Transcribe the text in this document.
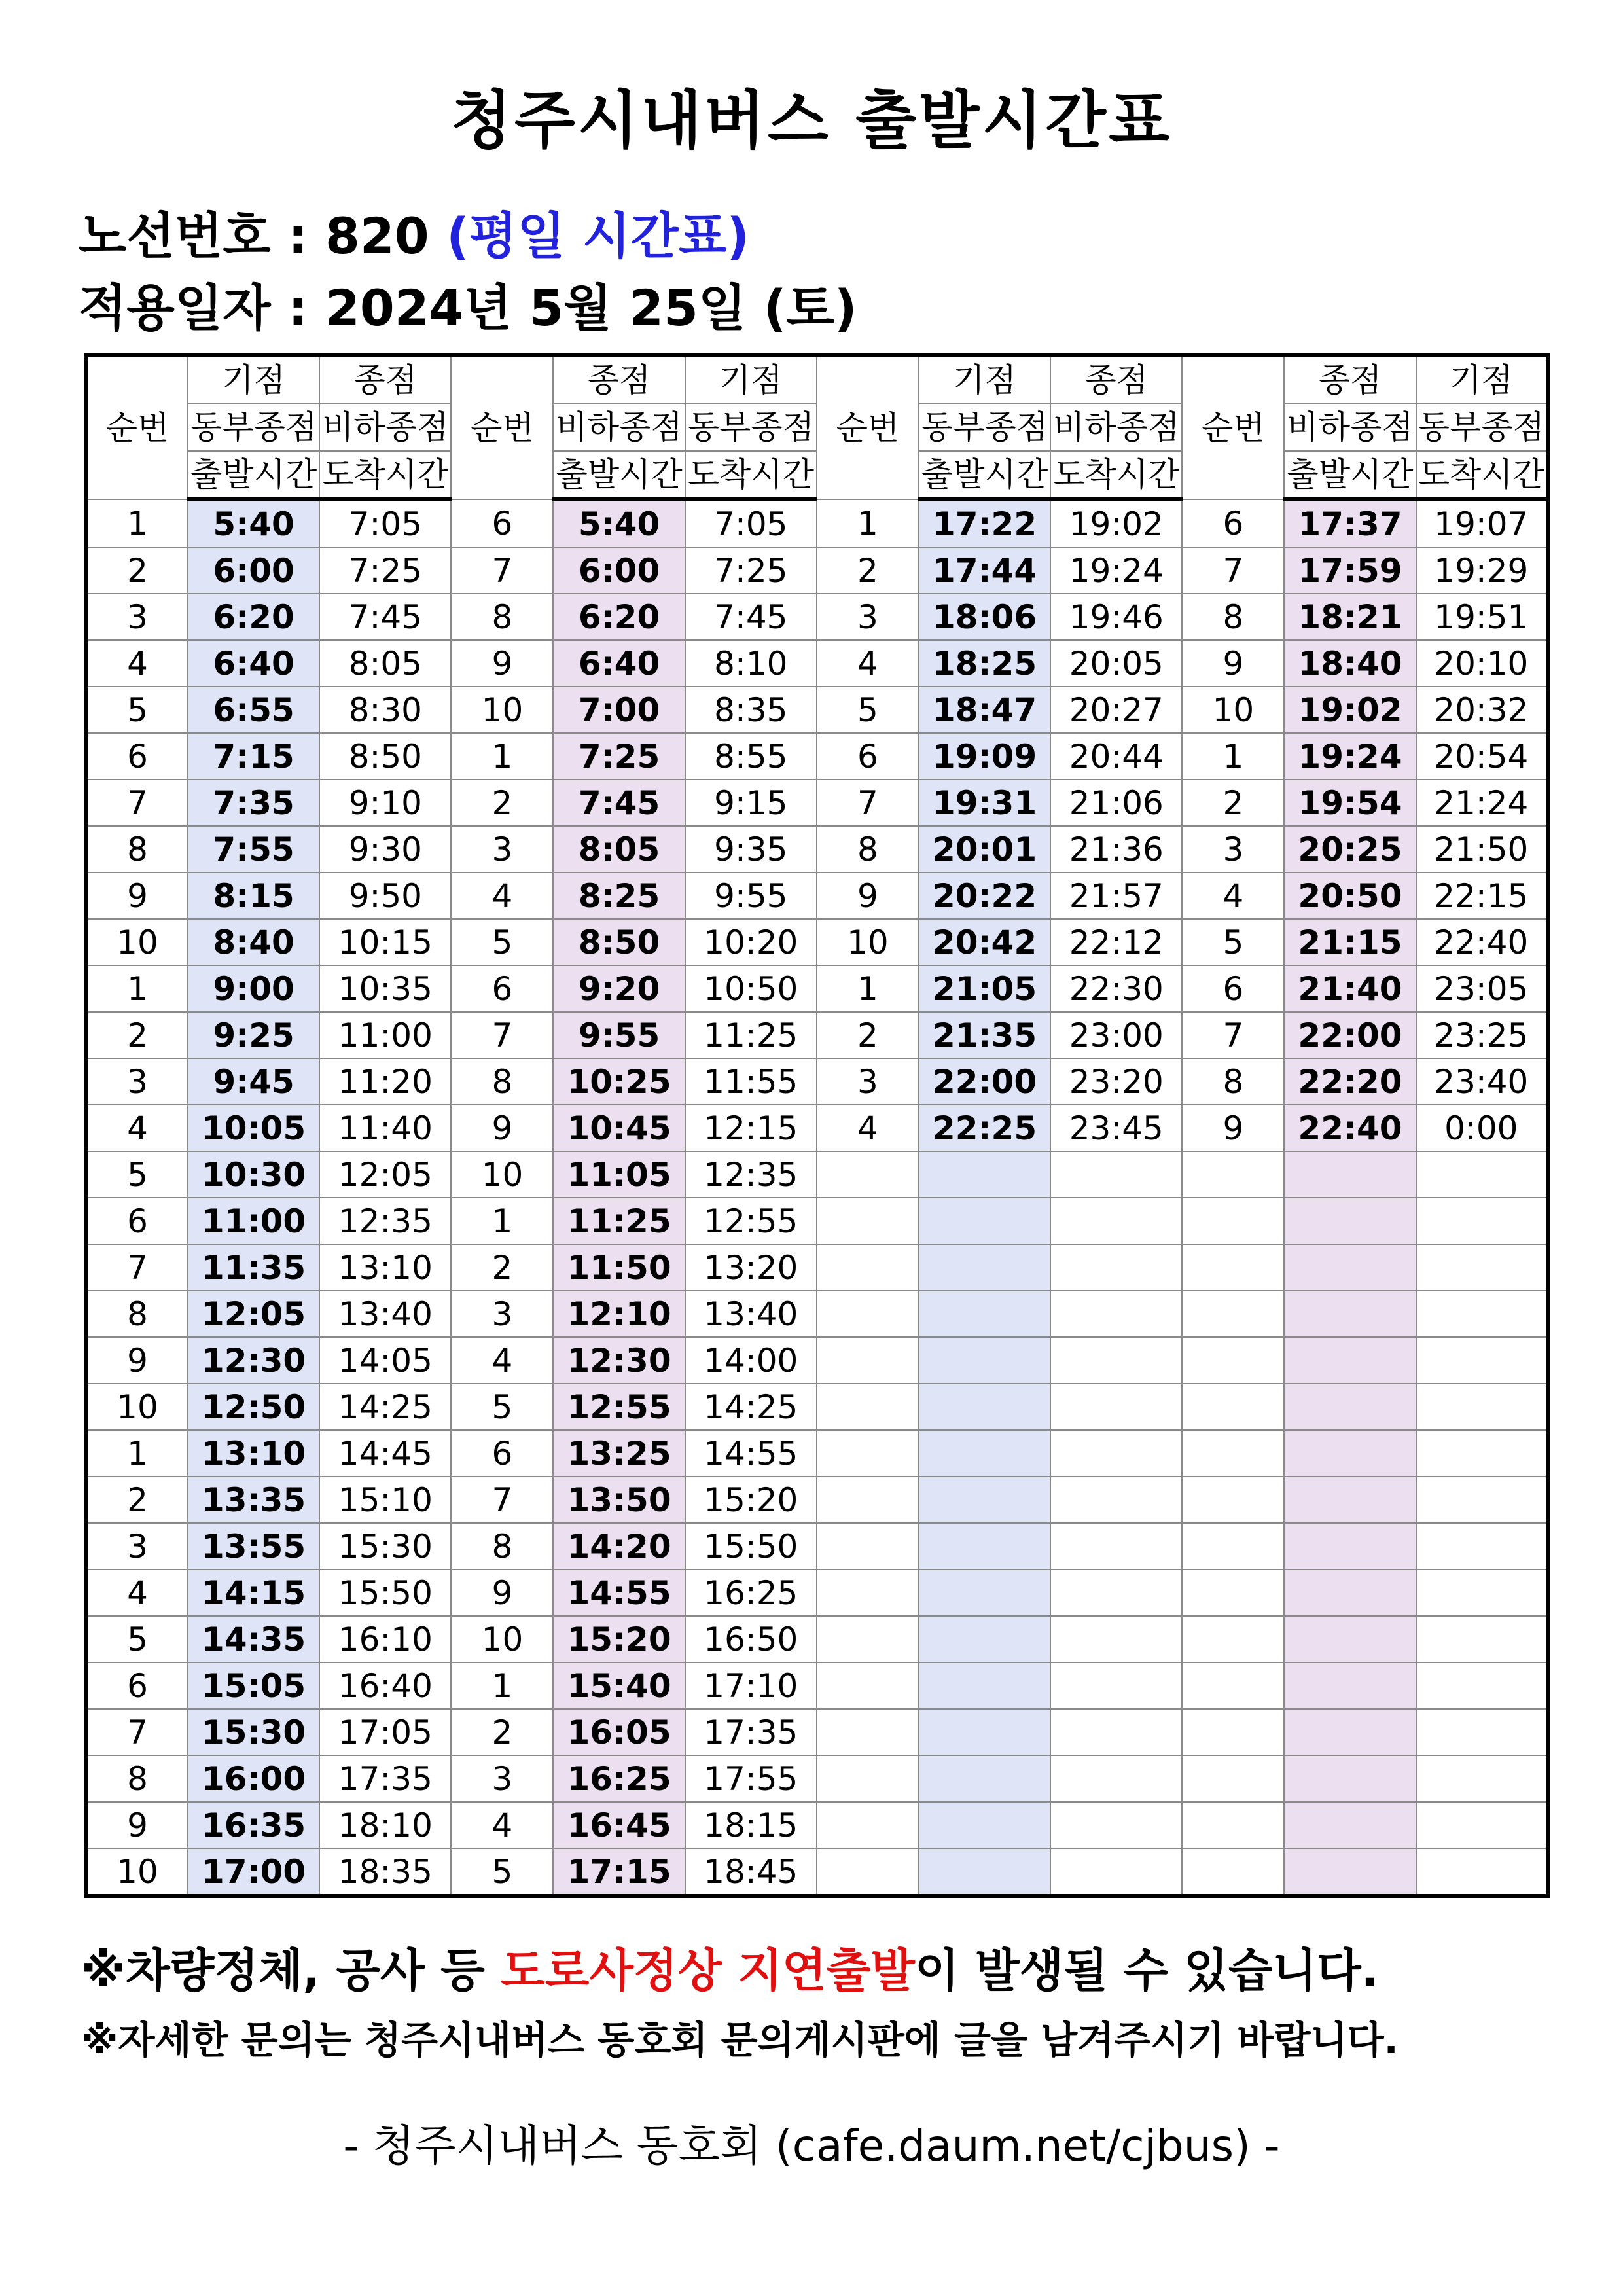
청주시내버스 출발시간표
노선번호 : 820 (평일 시간표)
적용일자 : 2024년 5월 25일 (토)
순번	기점	종점	순번	종점	기점	순번	기점	종점	순번	종점	기점
	동부종점	비하종점		비하종점	동부종점		동부종점	비하종점		비하종점	동부종점
	출발시간	도착시간		출발시간	도착시간		출발시간	도착시간		출발시간	도착시간
1	5:40	7:05	6	5:40	7:05	1	17:22	19:02	6	17:37	19:07
2	6:00	7:25	7	6:00	7:25	2	17:44	19:24	7	17:59	19:29
3	6:20	7:45	8	6:20	7:45	3	18:06	19:46	8	18:21	19:51
4	6:40	8:05	9	6:40	8:10	4	18:25	20:05	9	18:40	20:10
5	6:55	8:30	10	7:00	8:35	5	18:47	20:27	10	19:02	20:32
6	7:15	8:50	1	7:25	8:55	6	19:09	20:44	1	19:24	20:54
7	7:35	9:10	2	7:45	9:15	7	19:31	21:06	2	19:54	21:24
8	7:55	9:30	3	8:05	9:35	8	20:01	21:36	3	20:25	21:50
9	8:15	9:50	4	8:25	9:55	9	20:22	21:57	4	20:50	22:15
10	8:40	10:15	5	8:50	10:20	10	20:42	22:12	5	21:15	22:40
1	9:00	10:35	6	9:20	10:50	1	21:05	22:30	6	21:40	23:05
2	9:25	11:00	7	9:55	11:25	2	21:35	23:00	7	22:00	23:25
3	9:45	11:20	8	10:25	11:55	3	22:00	23:20	8	22:20	23:40
4	10:05	11:40	9	10:45	12:15	4	22:25	23:45	9	22:40	0:00
5	10:30	12:05	10	11:05	12:35						
6	11:00	12:35	1	11:25	12:55						
7	11:35	13:10	2	11:50	13:20						
8	12:05	13:40	3	12:10	13:40						
9	12:30	14:05	4	12:30	14:00						
10	12:50	14:25	5	12:55	14:25						
1	13:10	14:45	6	13:25	14:55						
2	13:35	15:10	7	13:50	15:20						
3	13:55	15:30	8	14:20	15:50						
4	14:15	15:50	9	14:55	16:25						
5	14:35	16:10	10	15:20	16:50						
6	15:05	16:40	1	15:40	17:10						
7	15:30	17:05	2	16:05	17:35						
8	16:00	17:35	3	16:25	17:55						
9	16:35	18:10	4	16:45	18:15						
10	17:00	18:35	5	17:15	18:45						
※차량정체, 공사 등 도로사정상 지연출발이 발생될 수 있습니다.
※자세한 문의는 청주시내버스 동호회 문의게시판에 글을 남겨주시기 바랍니다.
- 청주시내버스 동호회 (cafe.daum.net/cjbus) -
